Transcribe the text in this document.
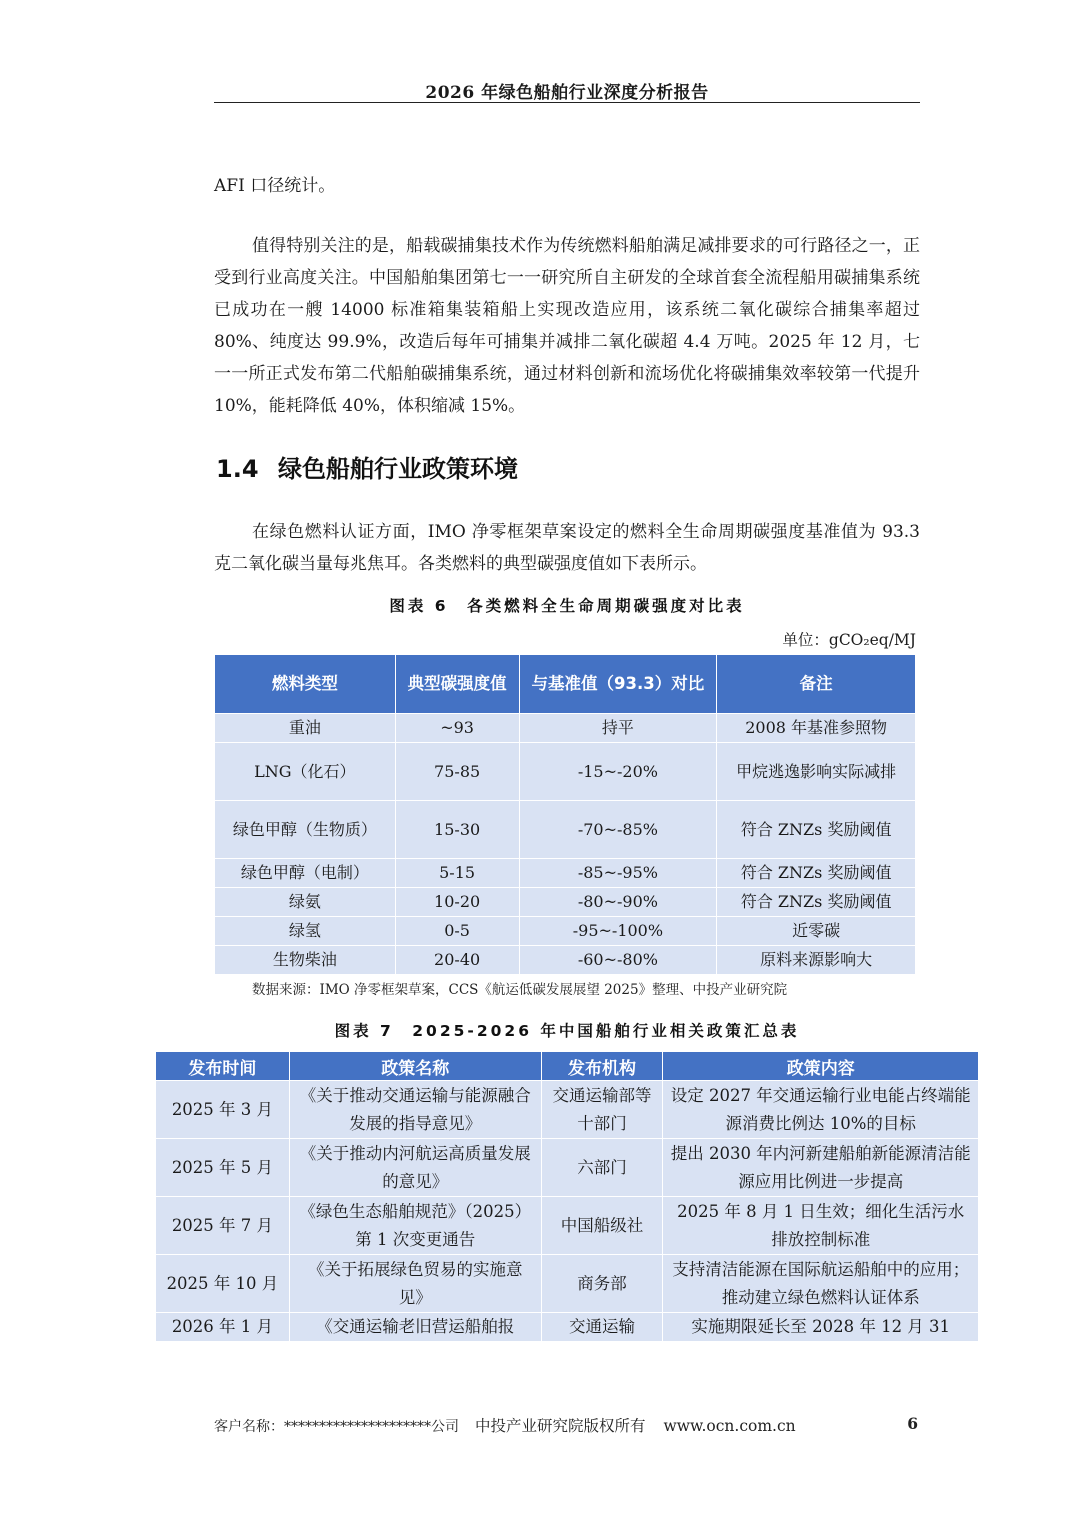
2026 年绿色船舶行业深度分析报告

AFI 口径统计。

值得特别关注的是，船载碳捕集技术作为传统燃料船舶满足减排要求的可行路径之一，正受到行业高度关注。中国船舶集团第七一一研究所自主研发的全球首套全流程船用碳捕集系统已成功在一艘 14000 标准箱集装箱船上实现改造应用，该系统二氧化碳综合捕集率超过 80%、纯度达 99.9%，改造后每年可捕集并减排二氧化碳超 4.4 万吨。2025 年 12 月，七一一所正式发布第二代船舶碳捕集系统，通过材料创新和流场优化将碳捕集效率较第一代提升 10%，能耗降低 40%，体积缩减 15%。

1.4 绿色船舶行业政策环境

在绿色燃料认证方面，IMO 净零框架草案设定的燃料全生命周期碳强度基准值为 93.3 克二氧化碳当量每兆焦耳。各类燃料的典型碳强度值如下表所示。

图表 6　各类燃料全生命周期碳强度对比表
单位：gCO₂eq/MJ
燃料类型	典型碳强度值	与基准值（93.3）对比	备注
重油	~93	持平	2008 年基准参照物
LNG（化石）	75-85	-15~-20%	甲烷逃逸影响实际减排
绿色甲醇（生物质）	15-30	-70~-85%	符合 ZNZs 奖励阈值
绿色甲醇（电制）	5-15	-85~-95%	符合 ZNZs 奖励阈值
绿氨	10-20	-80~-90%	符合 ZNZs 奖励阈值
绿氢	0-5	-95~-100%	近零碳
生物柴油	20-40	-60~-80%	原料来源影响大
数据来源：IMO 净零框架草案，CCS《航运低碳发展展望 2025》整理、中投产业研究院
图表 7　2025-2026 年中国船舶行业相关政策汇总表
发布时间	政策名称	发布机构	政策内容
2025 年 3 月	《关于推动交通运输与能源融合发展的指导意见》	交通运输部等十部门	设定 2027 年交通运输行业电能占终端能源消费比例达 10%的目标
2025 年 5 月	《关于推动内河航运高质量发展的意见》	六部门	提出 2030 年内河新建船舶新能源清洁能源应用比例进一步提高
2025 年 7 月	《绿色生态船舶规范》（2025）第 1 次变更通告	中国船级社	2025 年 8 月 1 日生效；细化生活污水排放控制标准
2025 年 10 月	《关于拓展绿色贸易的实施意见》	商务部	支持清洁能源在国际航运船舶中的应用；推动建立绿色燃料认证体系
2026 年 1 月	《交通运输老旧营运船舶报	交通运输	实施期限延长至 2028 年 12 月 31
客户名称：*********************公司 中投产业研究院版权所有 www.ocn.com.cn	6
